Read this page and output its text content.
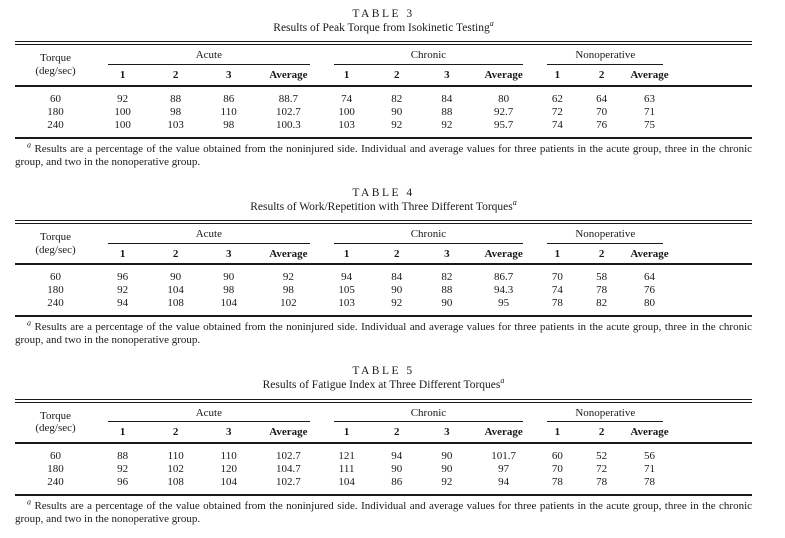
TABLE 3
Results of Peak Torque from Isokinetic Testing$^a$
Torque
(deg/sec)	Acute				Chronic				Nonoperative			

	1	2	3	Average	1	2	3	Average	1	2	Average	
60	92	88	86	88.7	74	82	84	80	62	64	63	
180	100	98	110	102.7	100	90	88	92.7	72	70	71	
240	100	103	98	100.3	103	92	92	95.7	74	76	75	

$^a$ Results are a percentage of the value obtained from the noninjured side. Individual and average values for three patients in the acute group, three in the chronic group, and two in the nonoperative group.

TABLE 4
Results of Work/Repetition with Three Different Torques$^a$
Torque
(deg/sec)	Acute				Chronic				Nonoperative			

	1	2	3	Average	1	2	3	Average	1	2	Average	
60	96	90	90	92	94	84	82	86.7	70	58	64	
180	92	104	98	98	105	90	88	94.3	74	78	76	
240	94	108	104	102	103	92	90	95	78	82	80	

$^a$ Results are a percentage of the value obtained from the noninjured side. Individual and average values for three patients in the acute group, three in the chronic group, and two in the nonoperative group.

TABLE 5
Results of Fatigue Index at Three Different Torques$^a$
Torque
(deg/sec)	Acute				Chronic				Nonoperative			

	1	2	3	Average	1	2	3	Average	1	2	Average	
60	88	110	110	102.7	121	94	90	101.7	60	52	56	
180	92	102	120	104.7	111	90	90	97	70	72	71	
240	96	108	104	102.7	104	86	92	94	78	78	78	

$^a$ Results are a percentage of the value obtained from the noninjured side. Individual and average values for three patients in the acute group, three in the chronic group, and two in the nonoperative group.
